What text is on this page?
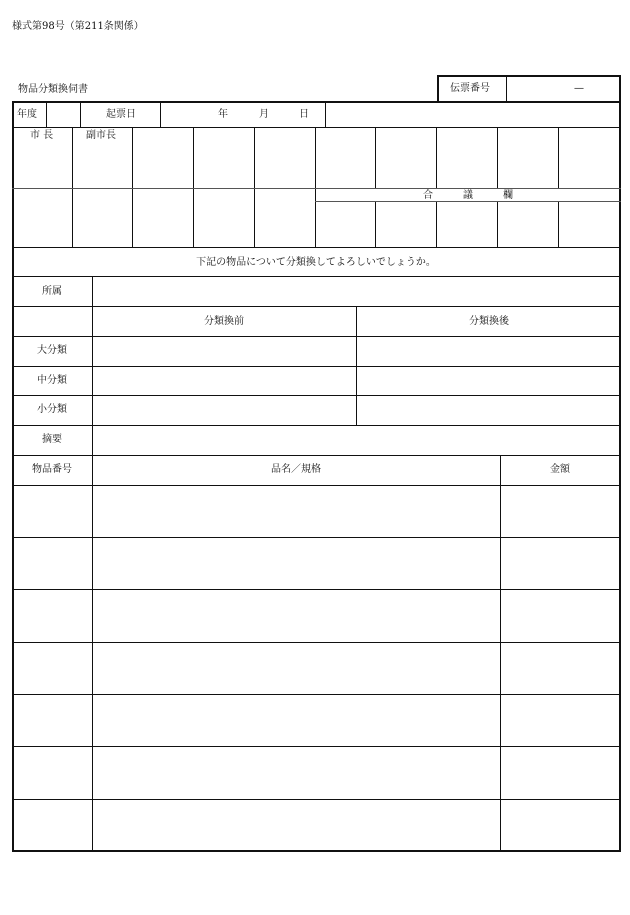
様式第98号（第211条関係）
物品分類換伺書	伝票番号	—
年度	起票日	年	月	日
市 長	副市長
合　　　議　　　欄
下記の物品について分類換してよろしいでしょうか。
所属
分類換前	分類換後
大分類
中分類
小分類
摘要
物品番号	品名／規格	金額
